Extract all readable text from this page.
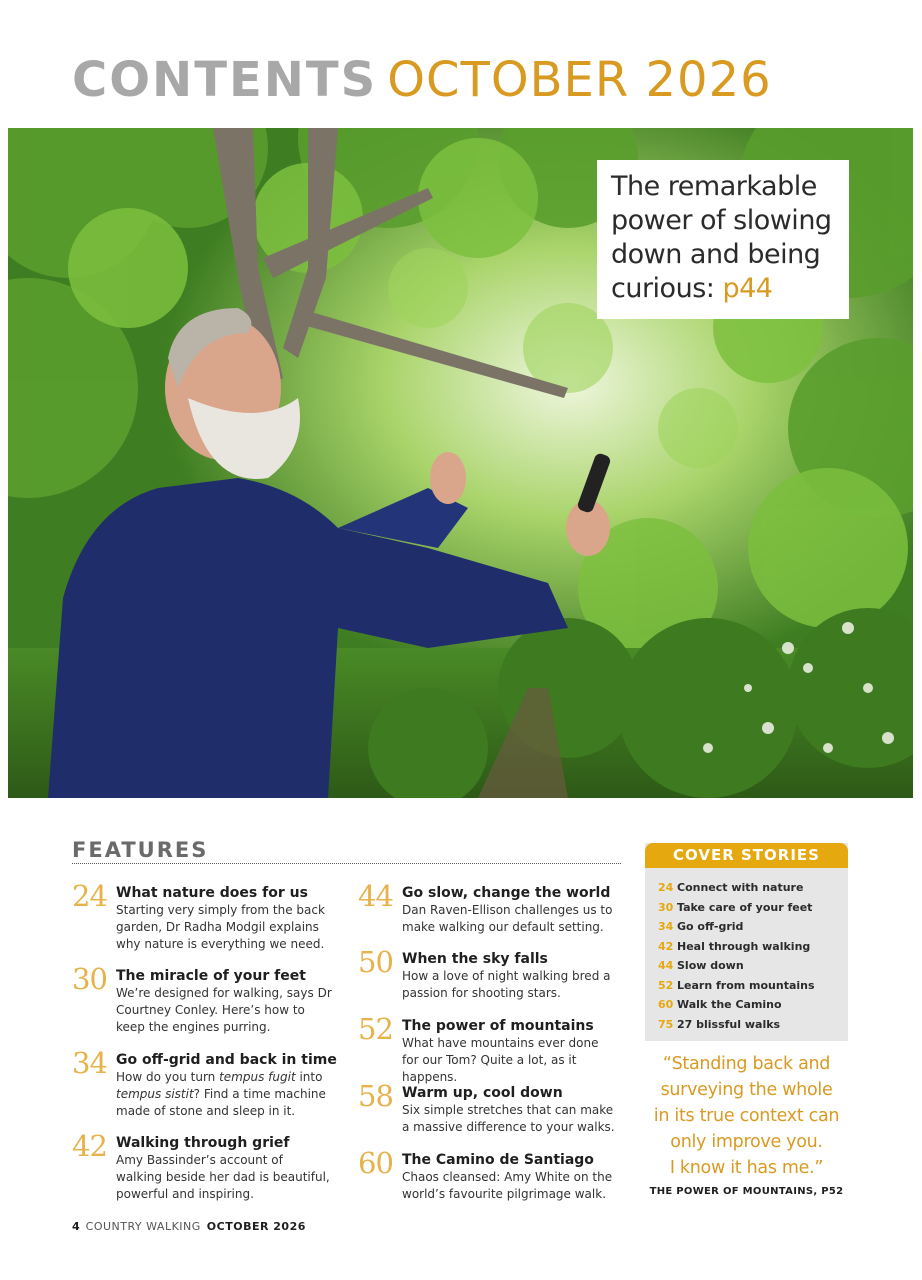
CONTENTS OCTOBER 2026

The remarkable power of slowing down and being curious: p44

FEATURES
24 What nature does for us

Starting very simply from the back garden, Dr Radha Modgil explains why nature is everything we need.

30 The miracle of your feet

We’re designed for walking, says Dr Courtney Conley. Here’s how to keep the engines purring.

34 Go off-grid and back in time

How do you turn tempus fugit into tempus sistit? Find a time machine made of stone and sleep in it.

42 Walking through grief

Amy Bassinder’s account of walking beside her dad is beautiful, powerful and inspiring.

44 Go slow, change the world

Dan Raven-Ellison challenges us to make walking our default setting.

50 When the sky falls

How a love of night walking bred a passion for shooting stars.

52 The power of mountains

What have mountains ever done for our Tom? Quite a lot, as it happens.

58 Warm up, cool down

Six simple stretches that can make a massive difference to your walks.

60 The Camino de Santiago

Chaos cleansed: Amy White on the world’s favourite pilgrimage walk.

COVER STORIES
24 Connect with nature
30 Take care of your feet
34 Go off-grid
42 Heal through walking
44 Slow down
52 Learn from mountains
60 Walk the Camino
75 27 blissful walks
“Standing back and
surveying the whole
in its true context can
only improve you.
I know it has me.”
THE POWER OF MOUNTAINS, P52
4 COUNTRY WALKING OCTOBER 2026
